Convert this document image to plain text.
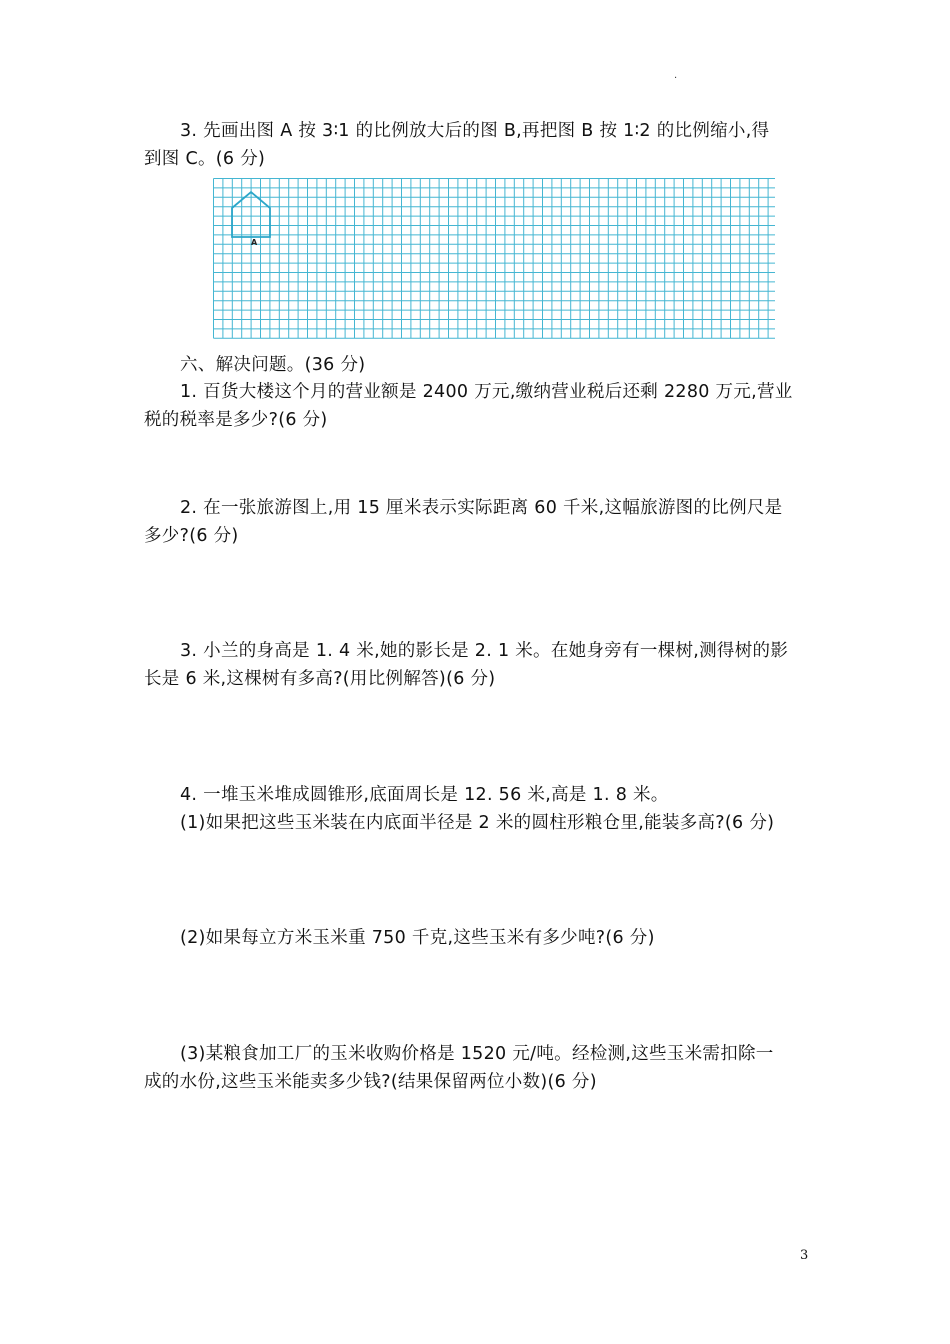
.
3. 先画出图 A 按 3∶1 的比例放大后的图 B,再把图 B 按 1∶2 的比例缩小,得
到图 C。(6 分)
A
六、解决问题。(36 分)
1. 百货大楼这个月的营业额是 2400 万元,缴纳营业税后还剩 2280 万元,营业
税的税率是多少?(6 分)
2. 在一张旅游图上,用 15 厘米表示实际距离 60 千米,这幅旅游图的比例尺是
多少?(6 分)
3. 小兰的身高是 1. 4 米,她的影长是 2. 1 米。在她身旁有一棵树,测得树的影
长是 6 米,这棵树有多高?(用比例解答)(6 分)
4. 一堆玉米堆成圆锥形,底面周长是 12. 56 米,高是 1. 8 米。
(1)如果把这些玉米装在内底面半径是 2 米的圆柱形粮仓里,能装多高?(6 分)
(2)如果每立方米玉米重 750 千克,这些玉米有多少吨?(6 分)
(3)某粮食加工厂的玉米收购价格是 1520 元/吨。经检测,这些玉米需扣除一
成的水份,这些玉米能卖多少钱?(结果保留两位小数)(6 分)
3
